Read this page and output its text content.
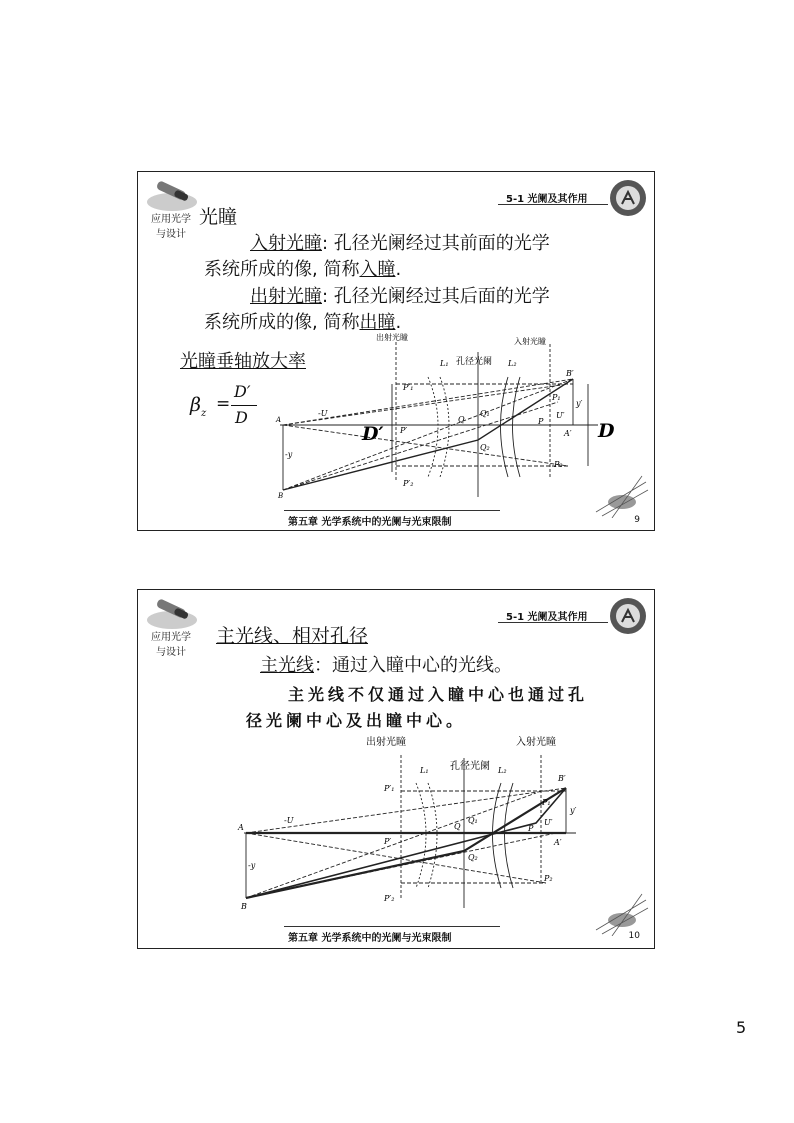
应用光学
与设计
5-1 光阑及其作用
光瞳
入射光瞳: 孔径光阑经过其前面的光学
系统所成的像, 简称入瞳.
出射光瞳: 孔径光阑经过其后面的光学
系统所成的像, 简称出瞳.
光瞳垂轴放大率
$\beta_z$ =
D′
D
出射光瞳	入射光瞳
孔径光阑
L₁	L₂
A
B
-U
-y
D′	D
P′₁
P′₂
P′
Q
Q₁
Q₂
P
P₁
P₂
B′
A′
U′
y′
第五章 光学系统中的光阑与光束限制	9
应用光学
与设计
5-1 光阑及其作用
主光线、相对孔径
主光线：通过入瞳中心的光线。
主光线不仅通过入瞳中心也通过孔
径光阑中心及出瞳中心。
出射光瞳	入射光瞳
孔径光阑
L₁	L₂
A
B
-U
-y
P′₁
P′₂
P′
Q
Q₁
Q₂
P
P₁
P₂
B′
A′
U′
y′
第五章 光学系统中的光阑与光束限制	10
5
